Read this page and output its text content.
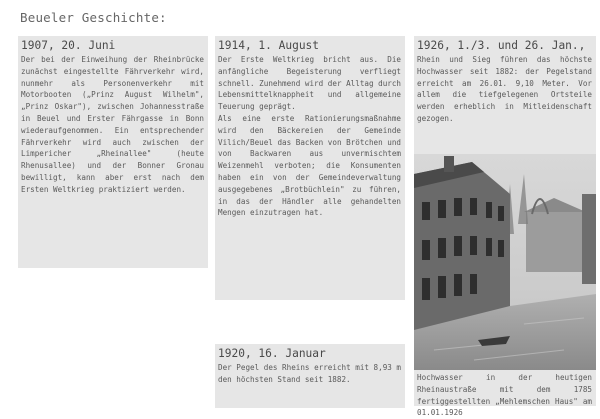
Beueler Geschichte:
1907, 20. Juni

Der bei der Einweihung der Rheinbrücke zunächst eingestellte Fährverkehr wird, nunmehr als Personenverkehr mit Motorbooten („Prinz August Wilhelm", „Prinz Oskar"), zwischen Johannesstraße in Beuel und Erster Fährgasse in Bonn wiederaufgenommen. Ein entsprechender Fährverkehr wird auch zwischen der Limpericher „Rheinallee" (heute Rhenusallee) und der Bonner Gronau bewilligt, kann aber erst nach dem Ersten Weltkrieg praktiziert werden.

1914, 1. August

Der Erste Weltkrieg bricht aus. Die anfängliche Begeisterung verfliegt schnell. Zunehmend wird der Alltag durch Lebensmittelknappheit und allgemeine Teuerung geprägt.

Als eine erste Rationierungsmaßnahme wird den Bäckereien der Gemeinde Vilich/Beuel das Backen von Brötchen und von Backwaren aus unvermischtem Weizenmehl verboten; die Konsumenten haben ein von der Gemeindeverwaltung ausgegebenes „Brotbüchlein" zu führen, in das der Händler alle gehandelten Mengen einzutragen hat.

1920, 16. Januar

Der Pegel des Rheins erreicht mit 8,93 m den höchsten Stand seit 1882.

1926, 1./3. und 26. Jan.,

Rhein und Sieg führen das höchste Hochwasser seit 1882: der Pegelstand erreicht am 26.01. 9,10 Meter. Vor allem die tiefgelegenen Ortsteile werden erheblich in Mitleidenschaft gezogen.

Hochwasser in der heutigen Rheinaustraße mit dem 1785 fertiggestellten „Mehlemschen Haus" am 01.01.1926
